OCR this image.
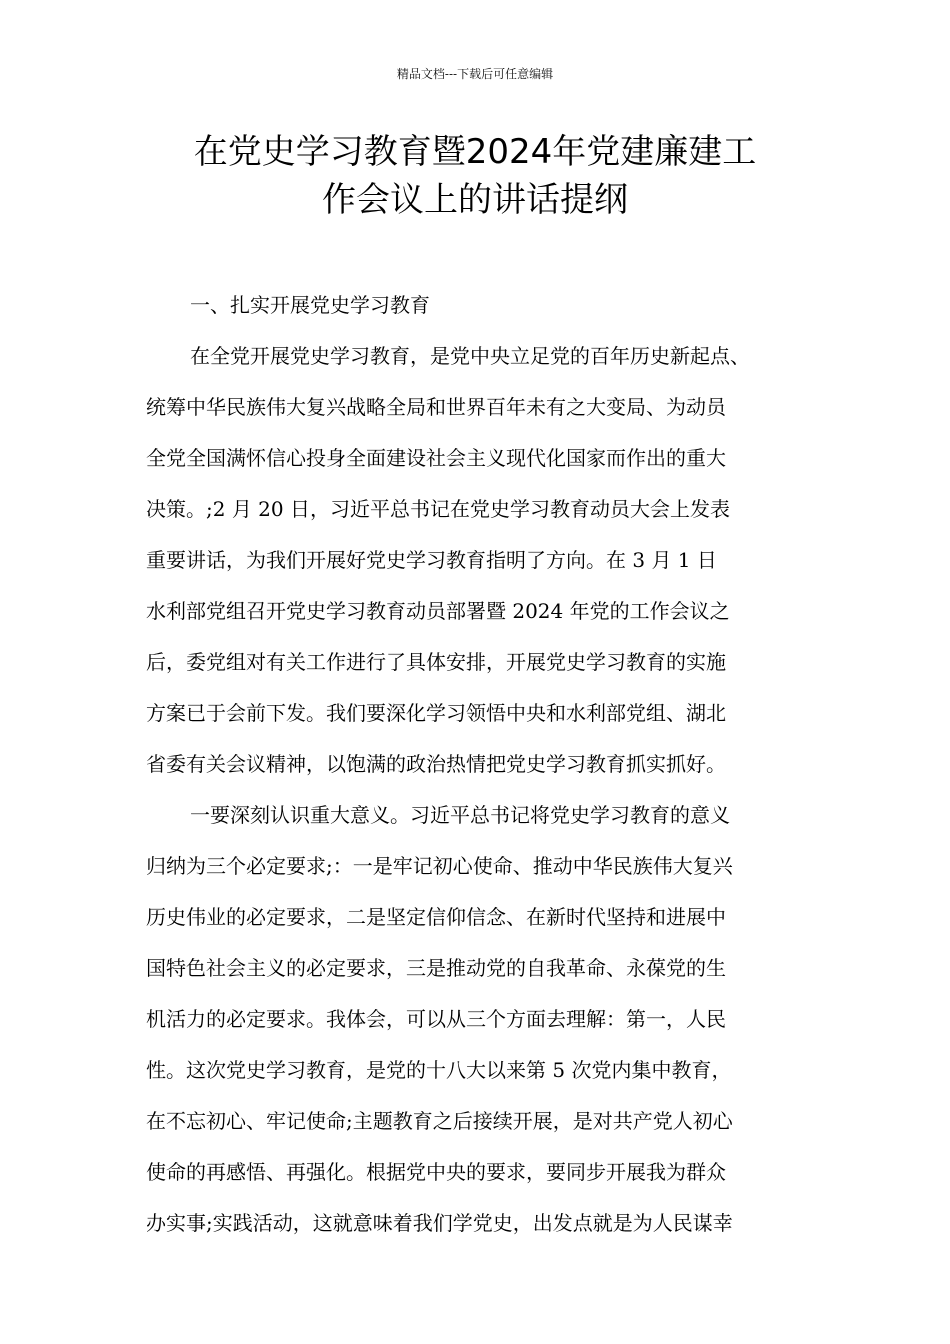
精品文档---下载后可任意编辑
在党史学习教育暨2024年党建廉建工
作会议上的讲话提纲
一、扎实开展党史学习教育
在全党开展党史学习教育，是党中央立足党的百年历史新起点、
统筹中华民族伟大复兴战略全局和世界百年未有之大变局、为动员
全党全国满怀信心投身全面建设社会主义现代化国家而作出的重大
决策。;2 月 20 日，习近平总书记在党史学习教育动员大会上发表
重要讲话，为我们开展好党史学习教育指明了方向。在 3 月 1 日
水利部党组召开党史学习教育动员部署暨 2024 年党的工作会议之
后，委党组对有关工作进行了具体安排，开展党史学习教育的实施
方案已于会前下发。我们要深化学习领悟中央和水利部党组、湖北
省委有关会议精神，以饱满的政治热情把党史学习教育抓实抓好。
一要深刻认识重大意义。习近平总书记将党史学习教育的意义
归纳为三个必定要求;：一是牢记初心使命、推动中华民族伟大复兴
历史伟业的必定要求，二是坚定信仰信念、在新时代坚持和进展中
国特色社会主义的必定要求，三是推动党的自我革命、永葆党的生
机活力的必定要求。我体会，可以从三个方面去理解：第一，人民
性。这次党史学习教育，是党的十八大以来第 5 次党内集中教育，
在不忘初心、牢记使命;主题教育之后接续开展，是对共产党人初心
使命的再感悟、再强化。根据党中央的要求，要同步开展我为群众
办实事;实践活动，这就意味着我们学党史，出发点就是为人民谋幸
